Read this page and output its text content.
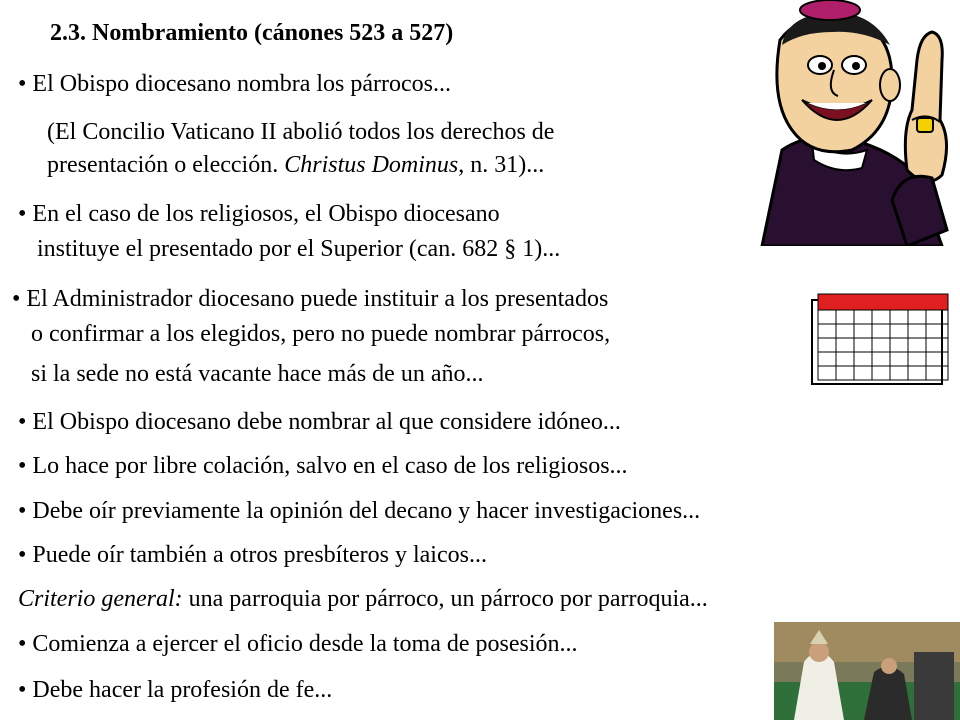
2.3. Nombramiento (cánones 523 a 527)
• El Obispo diocesano nombra los párrocos...
(El Concilio Vaticano II abolió todos los derechos de
presentación o elección. Christus Dominus, n. 31)...
• En el caso de los religiosos, el Obispo diocesano
instituye el presentado por el Superior (can. 682 § 1)...
• El Administrador diocesano puede instituir a los presentados
o confirmar a los elegidos, pero no puede nombrar párrocos,
si la sede no está vacante hace más de un año...
• El Obispo diocesano debe nombrar al que considere idóneo...
• Lo hace por libre colación, salvo en el caso de los religiosos...
• Debe oír previamente la opinión del decano y hacer investigaciones...
• Puede oír también a otros presbíteros y laicos...
Criterio general: una parroquia por párroco, un párroco por parroquia...
• Comienza a ejercer el oficio desde la toma de posesión...
• Debe hacer la profesión de fe...
